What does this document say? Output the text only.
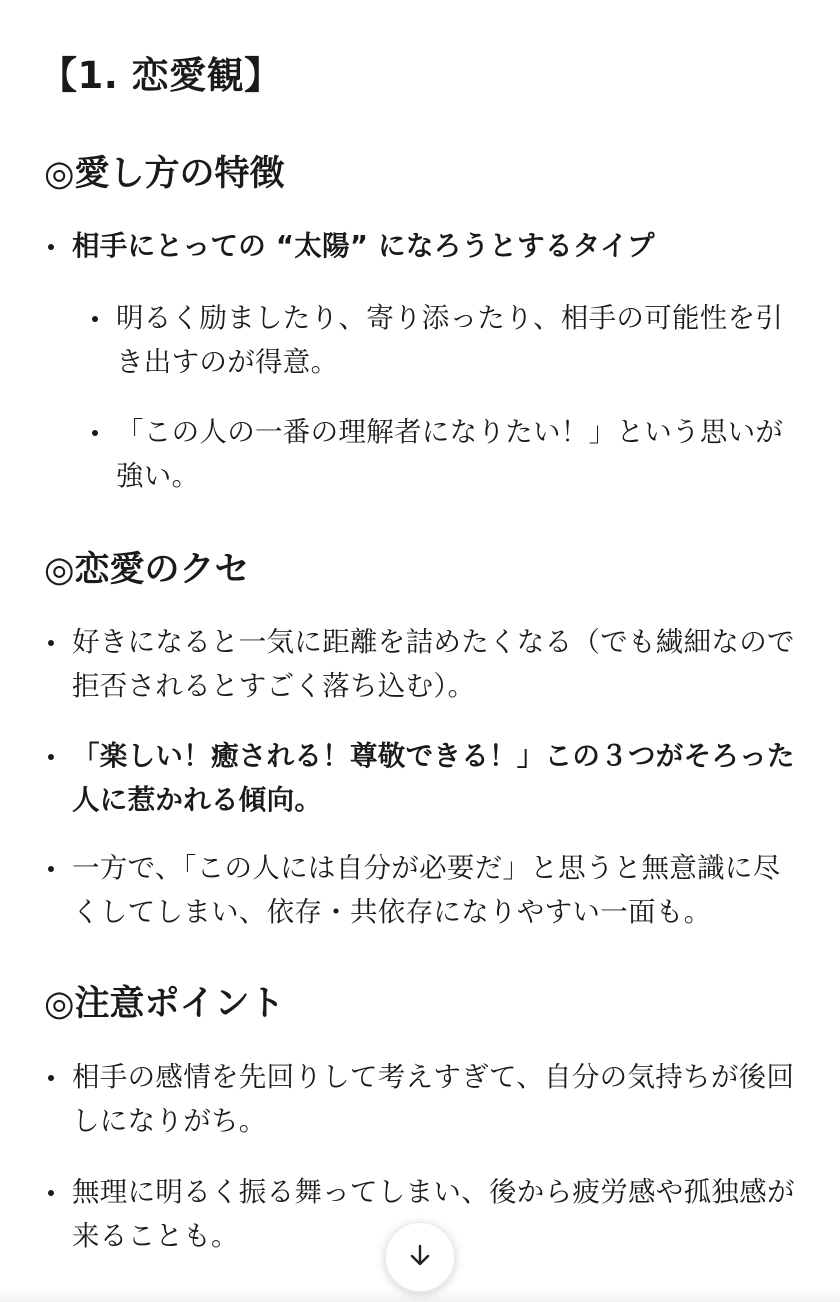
【1. 恋愛観】
◎愛し方の特徴
相手にとっての “太陽” になろうとするタイプ
明るく励ましたり、寄り添ったり、相手の可能性を引き出すのが得意。
「この人の一番の理解者になりたい！」という思いが強い。
◎恋愛のクセ
好きになると一気に距離を詰めたくなる（でも繊細なので拒否されるとすごく落ち込む）。
「楽しい！癒される！尊敬できる！」この３つがそろった人に惹かれる傾向。
一方で、「この人には自分が必要だ」と思うと無意識に尽くしてしまい、依存・共依存になりやすい一面も。
◎注意ポイント
相手の感情を先回りして考えすぎて、自分の気持ちが後回しになりがち。
無理に明るく振る舞ってしまい、後から疲労感や孤独感が来ることも。
